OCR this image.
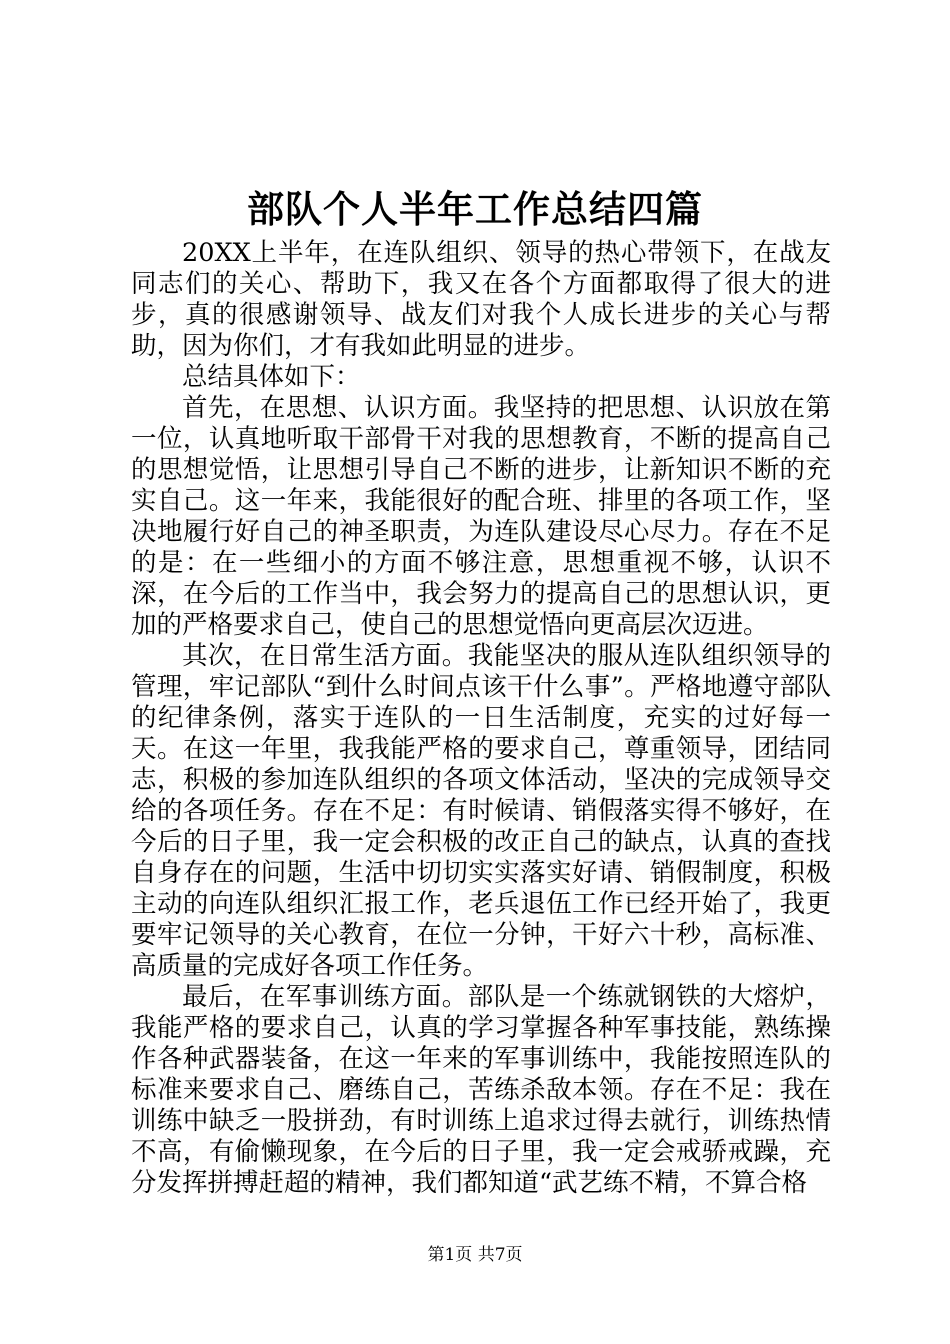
部队个人半年工作总结四篇

20XX上半年，在连队组织、领导的热心带领下，在战友同志们的关心、帮助下，我又在各个方面都取得了很大的进步，真的很感谢领导、战友们对我个人成长进步的关心与帮助，因为你们，才有我如此明显的进步。

总结具体如下：

首先，在思想、认识方面。我坚持的把思想、认识放在第一位，认真地听取干部骨干对我的思想教育，不断的提高自己的思想觉悟，让思想引导自己不断的进步，让新知识不断的充实自己。这一年来，我能很好的配合班、排里的各项工作，坚决地履行好自己的神圣职责，为连队建设尽心尽力。存在不足的是：在一些细小的方面不够注意，思想重视不够，认识不深，在今后的工作当中，我会努力的提高自己的思想认识，更加的严格要求自己，使自己的思想觉悟向更高层次迈进。

其次，在日常生活方面。我能坚决的服从连队组织领导的管理，牢记部队“到什么时间点该干什么事”。严格地遵守部队的纪律条例，落实于连队的一日生活制度，充实的过好每一天。在这一年里，我我能严格的要求自己，尊重领导，团结同志，积极的参加连队组织的各项文体活动，坚决的完成领导交给的各项任务。存在不足：有时候请、销假落实得不够好，在今后的日子里，我一定会积极的改正自己的缺点，认真的查找自身存在的问题，生活中切切实实落实好请、销假制度，积极主动的向连队组织汇报工作，老兵退伍工作已经开始了，我更要牢记领导的关心教育，在位一分钟，干好六十秒，高标准、高质量的完成好各项工作任务。

最后，在军事训练方面。部队是一个练就钢铁的大熔炉，我能严格的要求自己，认真的学习掌握各种军事技能，熟练操作各种武器装备，在这一年来的军事训练中，我能按照连队的标准来要求自己、磨练自己，苦练杀敌本领。存在不足：我在训练中缺乏一股拼劲，有时训练上追求过得去就行，训练热情不高，有偷懒现象，在今后的日子里，我一定会戒骄戒躁，充分发挥拼搏赶超的精神，我们都知道“武艺练不精，不算合格

第1页 共7页
